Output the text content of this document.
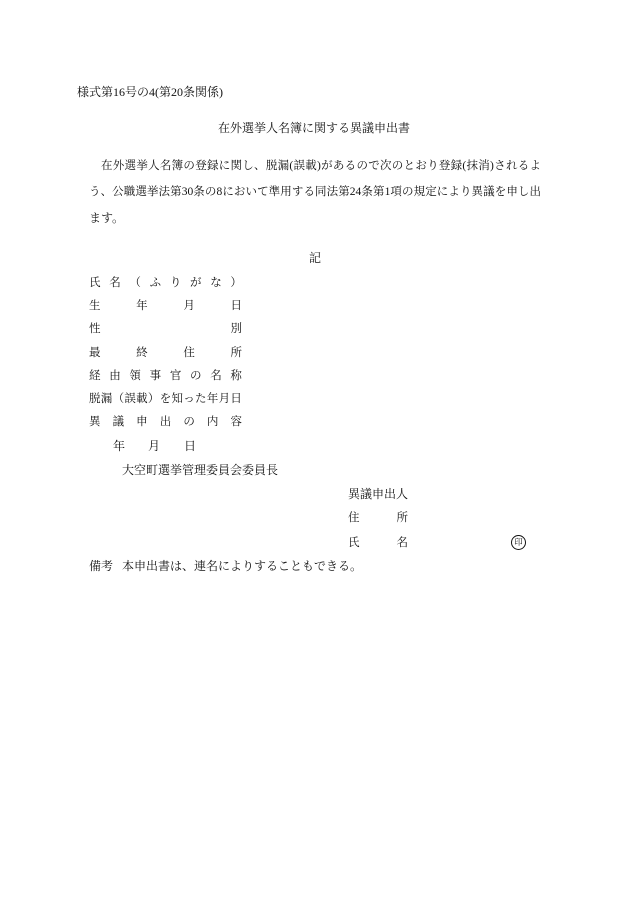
様式第16号の4(第20条関係)
在外選挙人名簿に関する異議申出書
在外選挙人名簿の登録に関し、脱漏(誤載)があるので次のとおり登録(抹消)されるよ
う、公職選挙法第30条の8において準用する同法第24条第1項の規定により異議を申し出
ます。
記
氏 名 （ ふ り が な ）
生	年	月	日
性	別
最	終	住	所
経 由 領 事 官 の 名 称
脱 漏 （ 誤 載 ） を 知 っ た 年 月 日
異 議 申 出 の 内 容
年 月 日
大空町選挙管理委員会委員長
異議申出人
住	所
氏	名	印
備考 本申出書は、連名によりすることもできる。
